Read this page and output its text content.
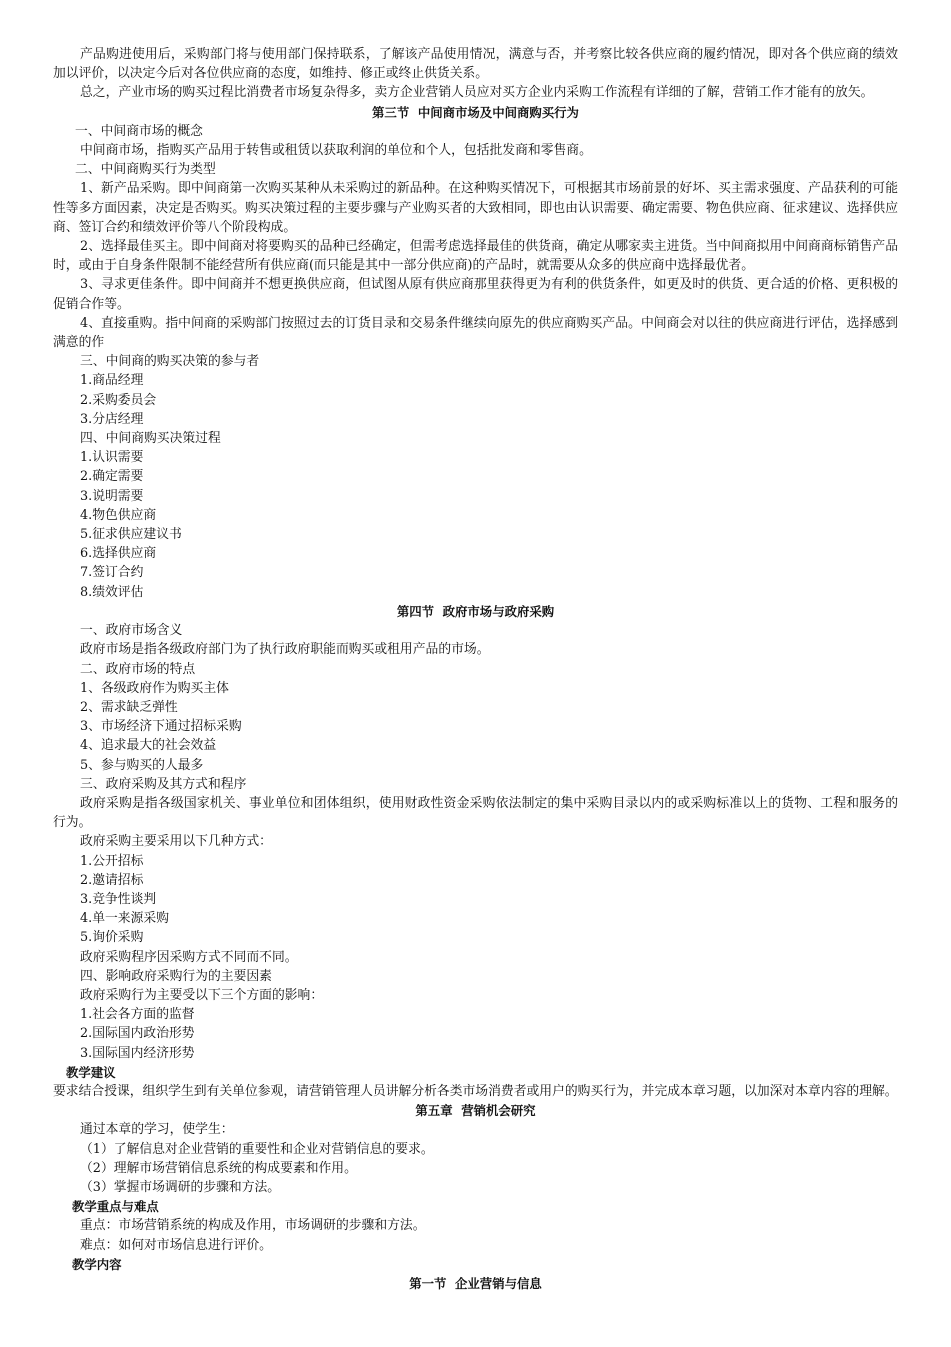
产品购进使用后，采购部门将与使用部门保持联系，了解该产品使用情况，满意与否，并考察比较各供应商的履约情况，即对各个供应商的绩效加以评价，以决定今后对各位供应商的态度，如维持、修正或终止供货关系。

总之，产业市场的购买过程比消费者市场复杂得多，卖方企业营销人员应对买方企业内采购工作流程有详细的了解，营销工作才能有的放矢。

第三节  中间商市场及中间商购买行为

一、中间商市场的概念

中间商市场，指购买产品用于转售或租赁以获取利润的单位和个人，包括批发商和零售商。

二、中间商购买行为类型

1、新产品采购。即中间商第一次购买某种从未采购过的新品种。在这种购买情况下，可根据其市场前景的好坏、买主需求强度、产品获利的可能性等多方面因素，决定是否购买。购买决策过程的主要步骤与产业购买者的大致相同，即也由认识需要、确定需要、物色供应商、征求建议、选择供应商、签订合约和绩效评价等八个阶段构成。

2、选择最佳买主。即中间商对将要购买的品种已经确定，但需考虑选择最佳的供货商，确定从哪家卖主进货。当中间商拟用中间商商标销售产品时，或由于自身条件限制不能经营所有供应商(而只能是其中一部分供应商)的产品时，就需要从众多的供应商中选择最优者。

3、寻求更佳条件。即中间商并不想更换供应商，但试图从原有供应商那里获得更为有利的供货条件，如更及时的供货、更合适的价格、更积极的促销合作等。

4、直接重购。指中间商的采购部门按照过去的订货目录和交易条件继续向原先的供应商购买产品。中间商会对以往的供应商进行评估，选择感到满意的作

三、中间商的购买决策的参与者

1.商品经理

2.采购委员会

3.分店经理

四、中间商购买决策过程

1.认识需要

2.确定需要

3.说明需要

4.物色供应商

5.征求供应建议书

6.选择供应商

7.签订合约

8.绩效评估

第四节  政府市场与政府采购

一、政府市场含义

政府市场是指各级政府部门为了执行政府职能而购买或租用产品的市场。

二、政府市场的特点

1、各级政府作为购买主体

2、需求缺乏弹性

3、市场经济下通过招标采购

4、追求最大的社会效益

5、参与购买的人最多

三、政府采购及其方式和程序

政府采购是指各级国家机关、事业单位和团体组织，使用财政性资金采购依法制定的集中采购目录以内的或采购标准以上的货物、工程和服务的行为。

政府采购主要采用以下几种方式：

1.公开招标

2.邀请招标

3.竞争性谈判

4.单一来源采购

5.询价采购

政府采购程序因采购方式不同而不同。

四、影响政府采购行为的主要因素

政府采购行为主要受以下三个方面的影响：

1.社会各方面的监督

2.国际国内政治形势

3.国际国内经济形势

教学建议

要求结合授课，组织学生到有关单位参观，请营销管理人员讲解分析各类市场消费者或用户的购买行为，并完成本章习题，以加深对本章内容的理解。

第五章  营销机会研究

通过本章的学习，使学生：

（1）了解信息对企业营销的重要性和企业对营销信息的要求。

（2）理解市场营销信息系统的构成要素和作用。

（3）掌握市场调研的步骤和方法。

教学重点与难点

重点：市场营销系统的构成及作用，市场调研的步骤和方法。

难点：如何对市场信息进行评价。

教学内容

第一节  企业营销与信息
